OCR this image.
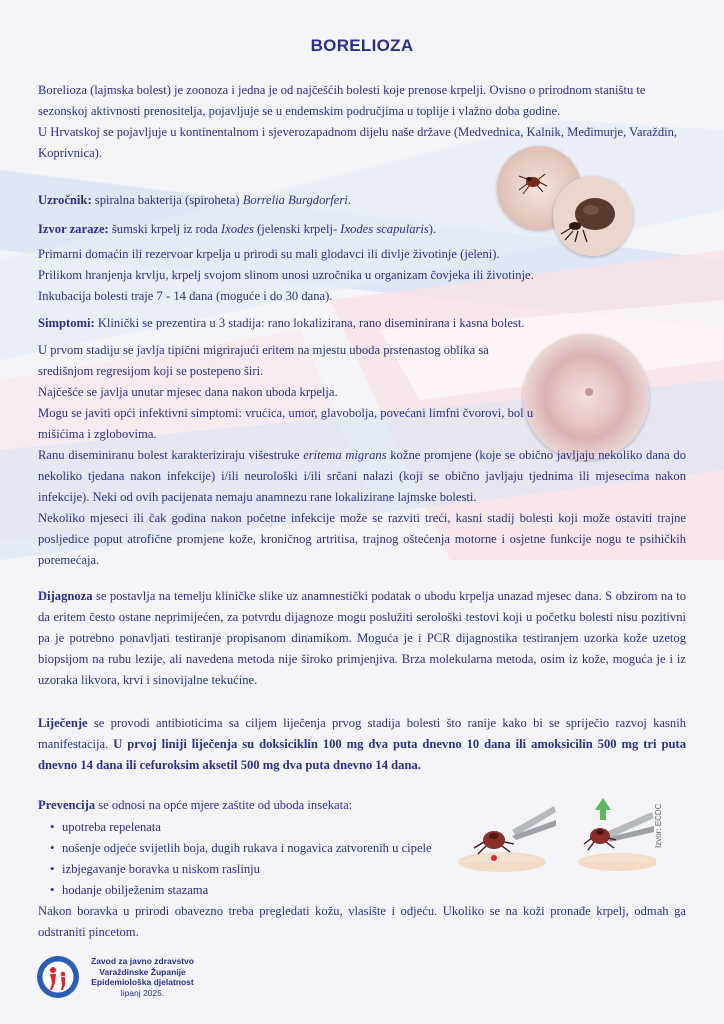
BORELIOZA
Borelioza (lajmska bolest) je zoonoza i jedna je od najčešćih bolesti koje prenose krpelji. Ovisno o prirodnom staništu te sezonskoj aktivnosti prenositelja, pojavljuje se u endemskim područjima u toplije i vlažno doba godine.
U Hrvatskoj se pojavljuje u kontinentalnom i sjeverozapadnom dijelu naše države (Medvednica, Kalnik, Međimurje, Varaždin, Koprivnica).
Uzročnik: spiralna bakterija (spiroheta) Borrelia Burgdorferi.
Izvor zaraze: šumski krpelj iz roda Ixodes (jelenski krpelj- Ixodes scapularis).
Primarni domaćin ili rezervoar krpelja u prirodi su mali glodavci ili divlje životinje (jeleni).
Prilikom hranjenja krvlju, krpelj svojom slinom unosi uzročnika u organizam čovjeka ili životinje.
Inkubacija bolesti traje 7 - 14 dana (moguće i do 30 dana).
Simptomi: Klinički se prezentira u 3 stadija: rano lokalizirana, rano diseminirana i kasna bolest.
U prvom stadiju se javlja tipični migrirajući eritem na mjestu uboda prstenastog oblika sa središnjom regresijom koji se postepeno širi.
Najčešće se javlja unutar mjesec dana nakon uboda krpelja.
Mogu se javiti opći infektivni simptomi: vrućica, umor, glavobolja, povećani limfni čvorovi, bol u mišićima i zglobovima.
Ranu diseminiranu bolest karakteriziraju višestruke eritema migrans kožne promjene (koje se obično javljaju nekoliko dana do nekoliko tjedana nakon infekcije) i/ili neurološki i/ili srčani nalazi (koji se obično javljaju tjednima ili mjesecima nakon infekcije). Neki od ovih pacijenata nemaju anamnezu rane lokalizirane lajmske bolesti.
Nekoliko mjeseci ili čak godina nakon početne infekcije može se razviti treći, kasni stadij bolesti koji može ostaviti trajne posljedice poput atrofične promjene kože, kroničnog artritisa, trajnog oštećenja motorne i osjetne funkcije nogu te psihičkih poremećaja.
Dijagnoza se postavlja na temelju kliničke slike uz anamnestički podatak o ubodu krpelja unazad mjesec dana. S obzirom na to da eritem često ostane neprimijećen, za potvrdu dijagnoze mogu poslužiti serološki testovi koji u početku bolesti nisu pozitivni pa je potrebno ponavljati testiranje propisanom dinamikom. Moguća je i PCR dijagnostika testiranjem uzorka kože uzetog biopsijom na rubu lezije, ali navedena metoda nije široko primjenjiva. Brza molekularna metoda, osim iz kože, moguća je i iz uzoraka likvora, krvi i sinovijalne tekućine.
Liječenje se provodi antibioticima sa ciljem liječenja prvog stadija bolesti što ranije kako bi se spriječio razvoj kasnih manifestacija. U prvoj liniji liječenja su doksiciklin 100 mg dva puta dnevno 10 dana ili amoksicilin 500 mg tri puta dnevno 14 dana ili cefuroksim aksetil 500 mg dva puta dnevno 14 dana.
Prevencija se odnosi na opće mjere zaštite od uboda insekata:
• upotreba repelenata
• nošenje odjeće svijetlih boja, dugih rukava i nogavica zatvorenih u cipele
• izbjegavanje boravka u niskom raslinju
• hodanje obilježenim stazama
Nakon boravka u prirodi obavezno treba pregledati kožu, vlasište i odjeću. Ukoliko se na koži pronađe krpelj, odmah ga odstraniti pincetom.
Izvor: ECDC
Zavod za javno zdravstvo
Varaždinske Županije
Epidemiološka djelatnost
lipanj 2025.
